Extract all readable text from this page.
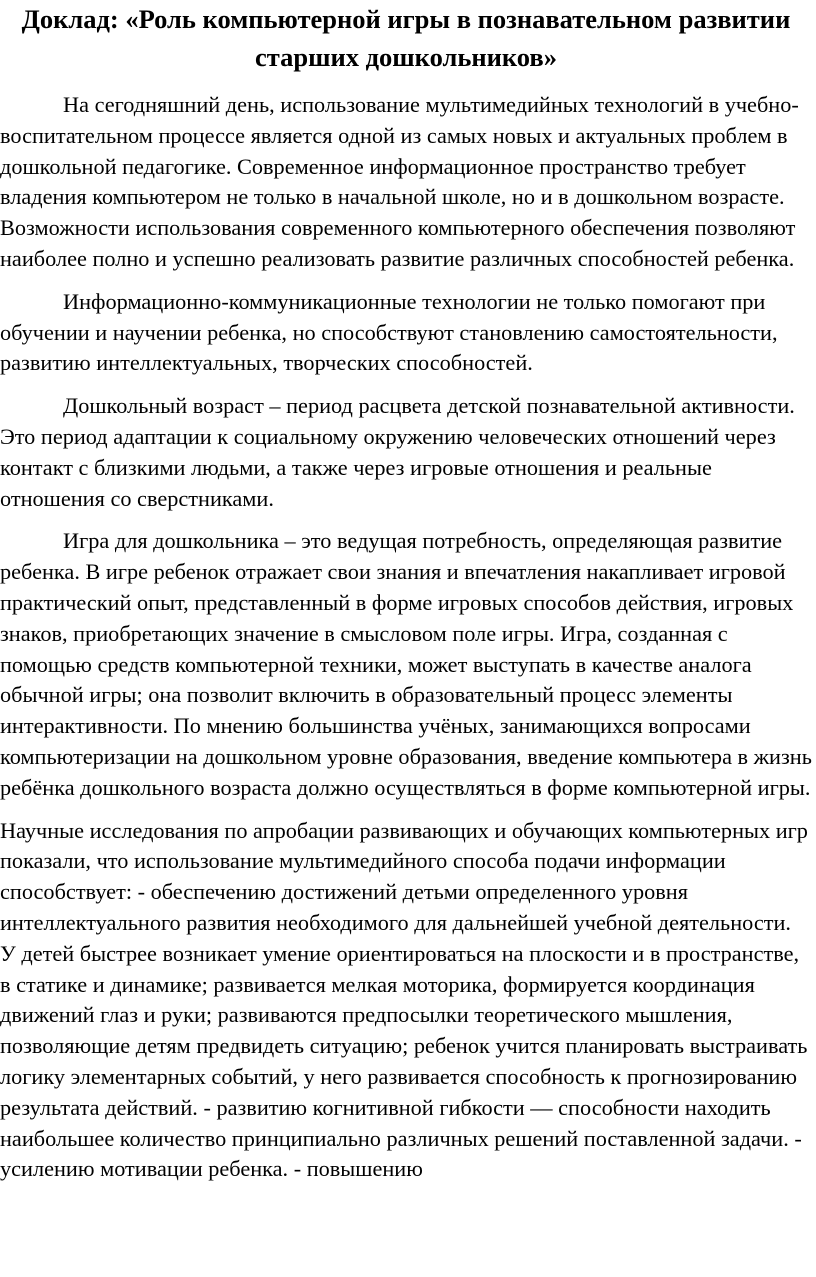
Доклад: «Роль компьютерной игры в познавательном развитии старших дошкольников»

На сегодняшний день, использование мультимедийных технологий в учебно-воспитательном процессе является одной из самых новых и актуальных проблем в дошкольной педагогике. Современное информационное пространство требует владения компьютером не только в начальной школе, но и в дошкольном возрасте. Возможности использования современного компьютерного обеспечения позволяют наиболее полно и успешно реализовать развитие различных способностей ребенка.

Информационно-коммуникационные технологии не только помогают при обучении и научении ребенка, но способствуют становлению самостоятельности, развитию интеллектуальных, творческих способностей.

Дошкольный возраст – период расцвета детской познавательной активности. Это период адаптации к социальному окружению человеческих отношений через контакт с близкими людьми, а также через игровые отношения и реальные отношения со сверстниками.

Игра для дошкольника – это ведущая потребность, определяющая развитие ребенка. В игре ребенок отражает свои знания и впечатления накапливает игровой практический опыт, представленный в форме игровых способов действия, игровых знаков, приобретающих значение в смысловом поле игры. Игра, созданная с помощью средств компьютерной техники, может выступать в качестве аналога обычной игры; она позволит включить в образовательный процесс элементы интерактивности. По мнению большинства учёных, занимающихся вопросами компьютеризации на дошкольном уровне образования, введение компьютера в жизнь ребёнка дошкольного возраста должно осуществляться в форме компьютерной игры.

Научные исследования по апробации развивающих и обучающих компьютерных игр показали, что использование мультимедийного способа подачи информации способствует: - обеспечению достижений детьми определенного уровня интеллектуального развития необходимого для дальнейшей учебной деятельности. У детей быстрее возникает умение ориентироваться на плоскости и в пространстве, в статике и динамике; развивается мелкая моторика, формируется координация движений глаз и руки; развиваются предпосылки теоретического мышления, позволяющие детям предвидеть ситуацию; ребенок учится планировать выстраивать логику элементарных событий, у него развивается способность к прогнозированию результата действий. - развитию когнитивной гибкости — способности находить наибольшее количество принципиально различных решений поставленной задачи. - усилению мотивации ребенка. - повышению
